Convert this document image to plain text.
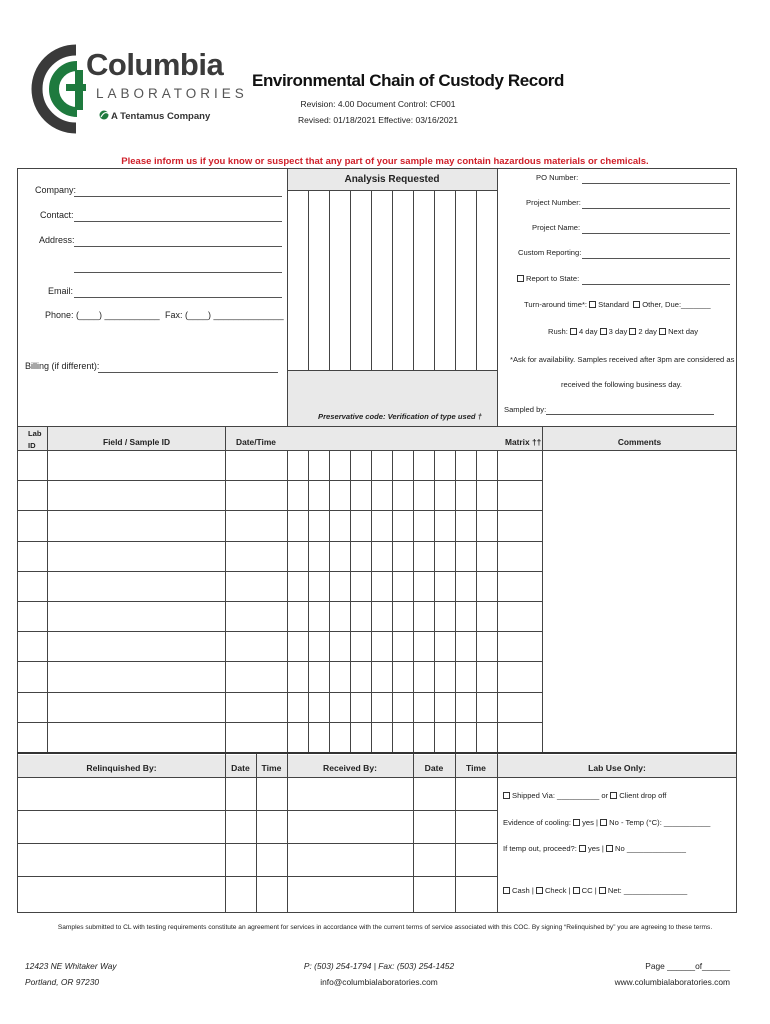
Columbia
LABORATORIES
A Tentamus Company
Environmental Chain of Custody Record
Revision: 4.00 Document Control: CF001
Revised: 01/18/2021 Effective: 03/16/2021
Please inform us if you know or suspect that any part of your sample may contain hazardous materials or chemicals.
Company:
Contact:
Address:
Email:
Phone: (____) ___________ Fax: (____) ______________
Billing (if different):
Analysis Requested
Preservative code: Verification of type used †
PO Number:
Project Number:
Project Name:
Custom Reporting:
Report to State:
Turn-around time*: Standard Other, Due:_______
Rush: 4 day 3 day 2 day Next day
*Ask for availability. Samples received after 3pm are considered as
received the following business day.
Sampled by:
Lab ID	Field / Sample ID	Date/Time	Matrix ††	Comments
Relinquished By:	Date	Time	Received By:	Date	Time	Lab Use Only:
Shipped Via: __________ or Client drop off
Evidence of cooling: yes | No - Temp (°C): ___________
If temp out, proceed?: yes | No ______________
Cash | Check | CC | Net: _______________
Samples submitted to CL with testing requirements constitute an agreement for services in accordance with the current terms of service associated with this COC. By signing “Relinquished by” you are agreeing to these terms.
12423 NE Whitaker Way
Portland, OR 97230
P: (503) 254-1794 | Fax: (503) 254-1452
info@columbialaboratories.com
Page ______of______
www.columbialaboratories.com
